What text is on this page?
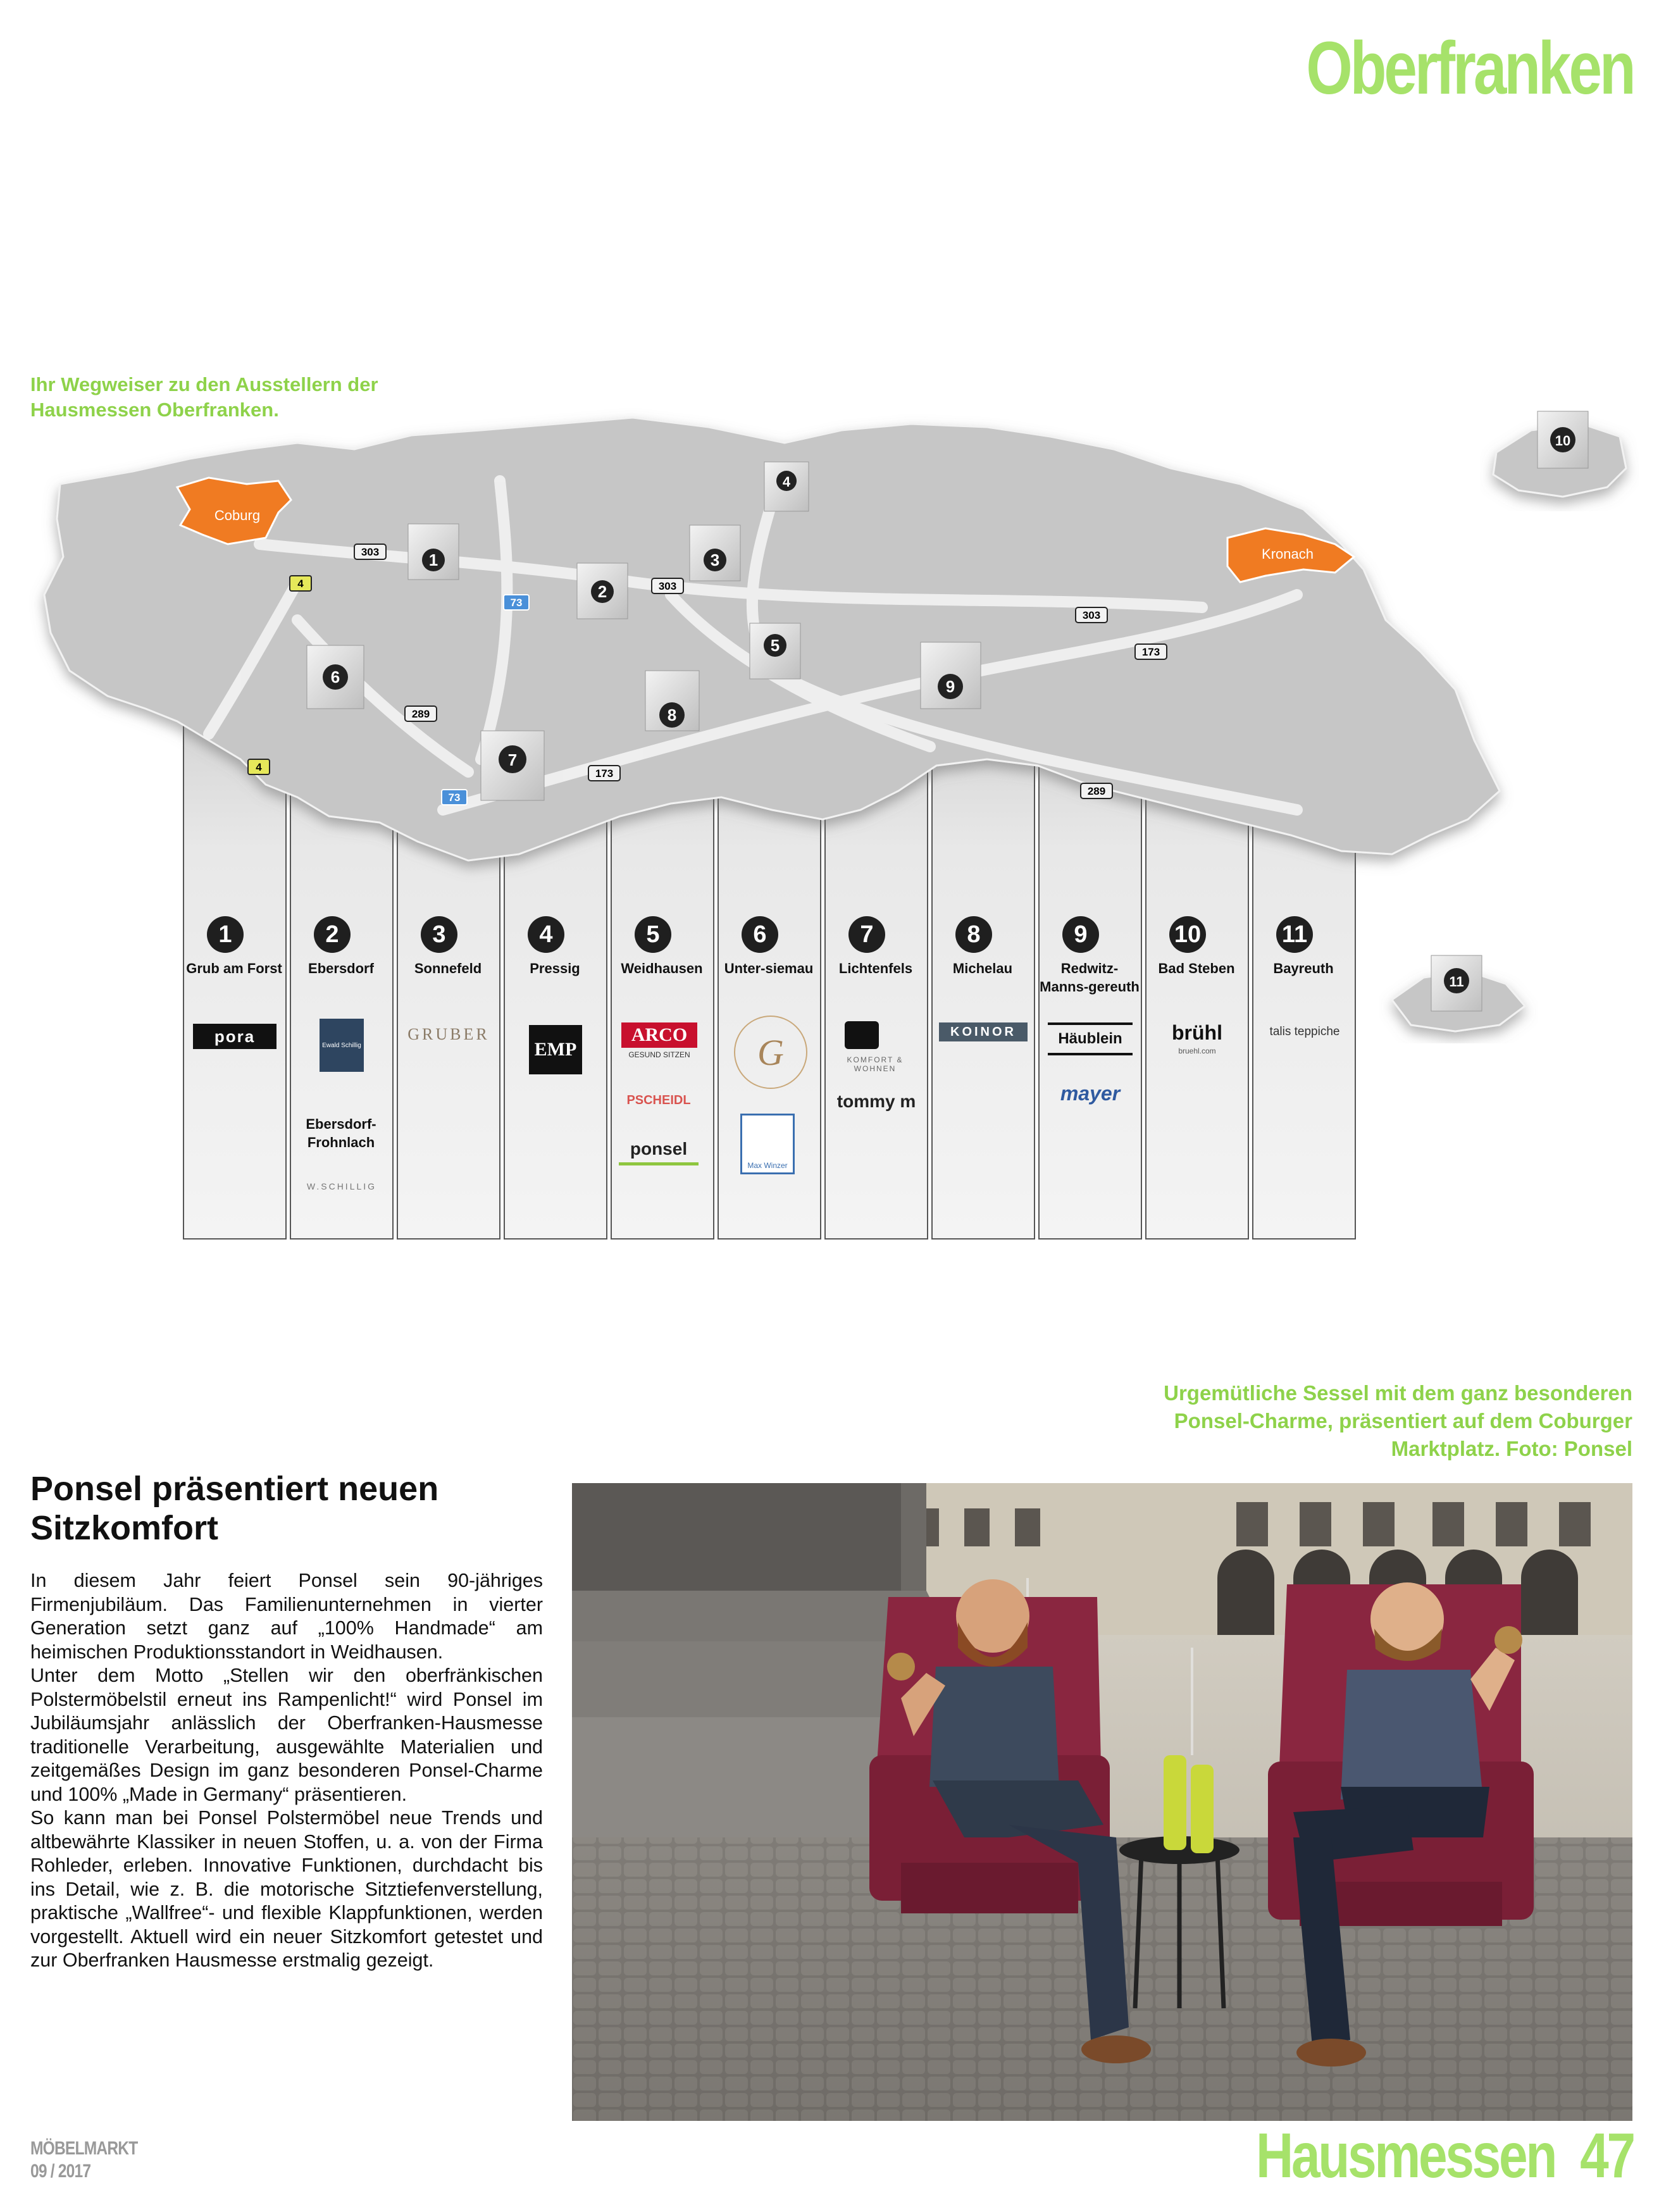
Oberfranken
Ihr Wegweiser zu den Ausstellern der Hausmessen Oberfranken.
303
303
303
4
4
73
73
289
289
173
173
Coburg
Kronach
1
2
3
4
5
6
7
8
9
10
11
1
Grub am Forst
pora
2
Ebersdorf
Ewald Schillig
Ebersdorf-Frohnlach
W.SCHILLIG
3
Sonnefeld
GRUBER
4
Pressig
EMP
5
Weidhausen
ARCO
GESUND SITZEN
PSCHEIDL
ponsel
6
Unter-siemau
G
Max Winzer
7
Lichtenfels
KOMFORT & WOHNEN
tommy m
8
Michelau
KOINOR
9
Redwitz-Manns-gereuth
Häublein
mayer
10
Bad Steben
brühl
bruehl.com
11
Bayreuth
talis teppiche
Urgemütliche Sessel mit dem ganz besonderen Ponsel-Charme, präsentiert auf dem Coburger Marktplatz. Foto: Ponsel
Ponsel präsentiert neuen Sitzkomfort

In diesem Jahr feiert Ponsel sein 90-jähriges Firmenjubiläum. Das Familienunternehmen in vierter Generation setzt ganz auf „100% Handmade“ am heimischen Produktionsstandort in Weidhausen.

Unter dem Motto „Stellen wir den oberfränkischen Polstermöbelstil erneut ins Rampenlicht!“ wird Ponsel im Jubiläumsjahr anlässlich der Oberfranken-Hausmesse traditionelle Verarbeitung, ausgewählte Materialien und zeitgemäßes Design im ganz besonderen Ponsel-Charme und 100% „Made in Germany“ präsentieren.

So kann man bei Ponsel Polstermöbel neue Trends und altbewährte Klassiker in neuen Stoffen, u. a. von der Firma Rohleder, erleben. Innovative Funktionen, durchdacht bis ins Detail, wie z. B. die motorische Sitztiefenverstellung, praktische „Wallfree“- und flexible Klappfunktionen, werden vorgestellt. Aktuell wird ein neuer Sitzkomfort getestet und zur Oberfranken Hausmesse erstmalig gezeigt.

MÖBELMARKT
09 / 2017	Hausmessen 47
